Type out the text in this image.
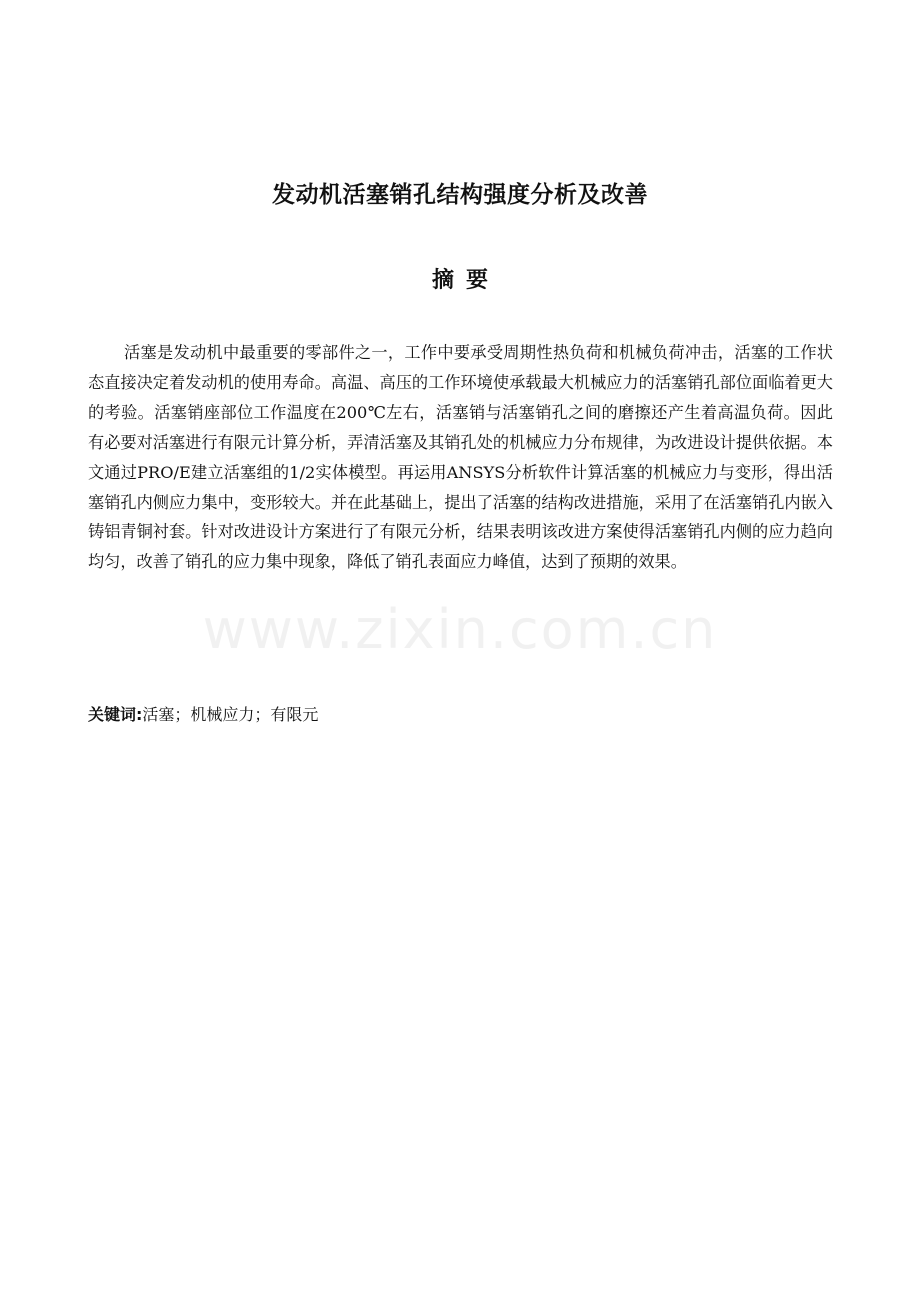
www.zixin.com.cn
发动机活塞销孔结构强度分析及改善
摘要

活塞是发动机中最重要的零部件之一，工作中要承受周期性热负荷和机械负荷冲击，活塞的工作状态直接决定着发动机的使用寿命。高温、高压的工作环境使承载最大机械应力的活塞销孔部位面临着更大的考验。活塞销座部位工作温度在200℃左右，活塞销与活塞销孔之间的磨擦还产生着高温负荷。因此有必要对活塞进行有限元计算分析，弄清活塞及其销孔处的机械应力分布规律，为改进设计提供依据。本文通过PRO/E建立活塞组的1/2实体模型。再运用ANSYS分析软件计算活塞的机械应力与变形，得出活塞销孔内侧应力集中，变形较大。并在此基础上，提出了活塞的结构改进措施，采用了在活塞销孔内嵌入铸铝青铜衬套。针对改进设计方案进行了有限元分析，结果表明该改进方案使得活塞销孔内侧的应力趋向均匀，改善了销孔的应力集中现象，降低了销孔表面应力峰值，达到了预期的效果。

关键词:活塞；机械应力；有限元
